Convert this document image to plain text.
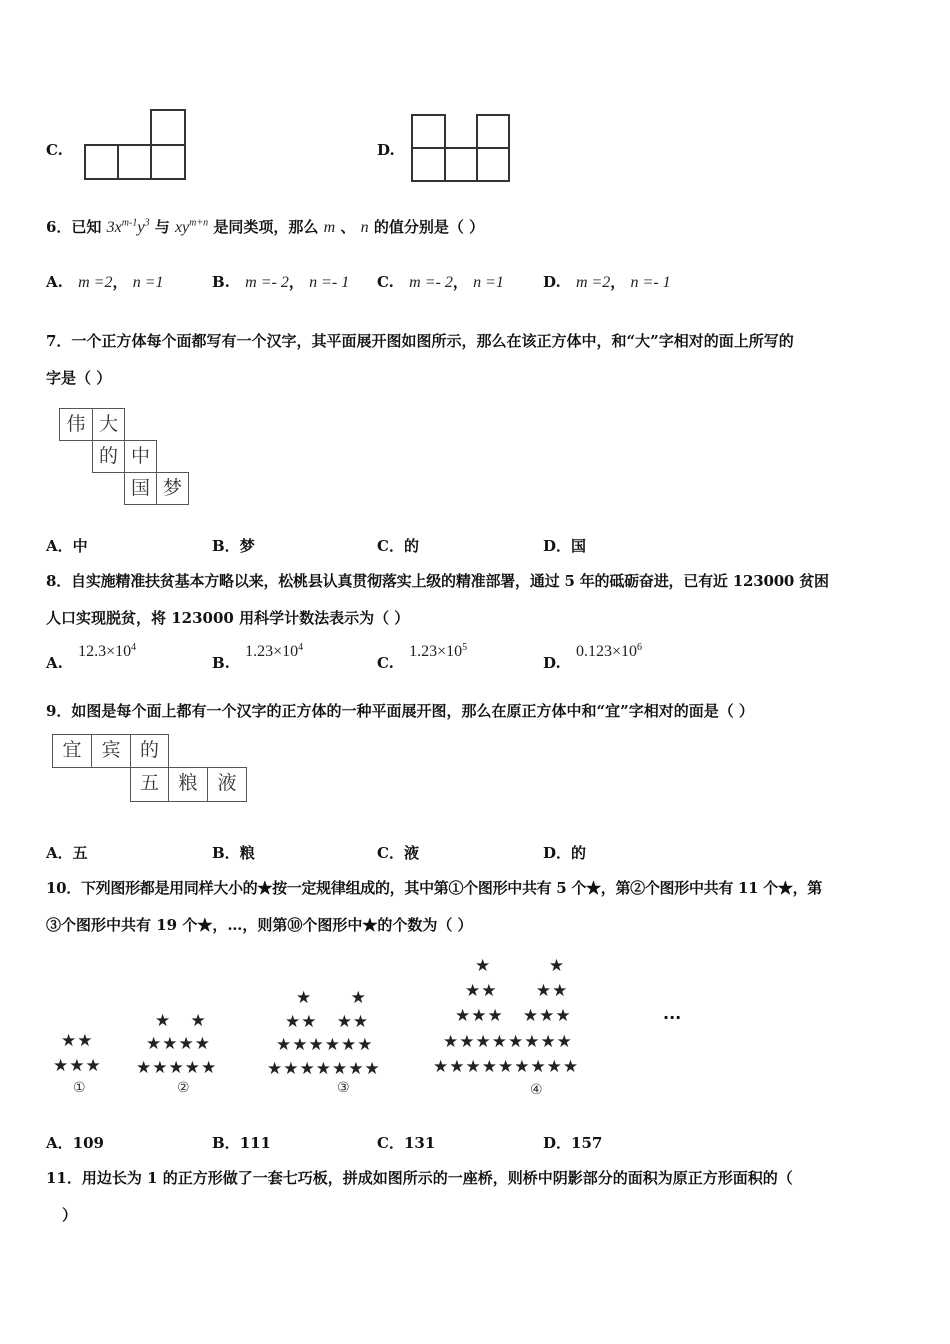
C.	D.
6．已知 $3x^{m-1}y^3$ 与 $xy^{m+n}$ 是同类项，那么 m 、 n 的值分别是（ ）
A. m =2， n =1	B. m =- 2， n =- 1 C. m =- 2， n =1	D. m =2， n =- 1
7．一个正方体每个面都写有一个汉字，其平面展开图如图所示，那么在该正方体中，和“大”字相对的面上所写的
字是（ ）
伟 大
的 中
国 梦
A．中	B．梦	C．的	D．国
8．自实施精准扶贫基本方略以来，松桃县认真贯彻落实上级的精准部署，通过 5 年的砥砺奋进，已有近 123000 贫困
人口实现脱贫，将 123000 用科学计数法表示为（ ）
A. $12.3\times 10^4$
B. $1.23\times 10^4$
C. $1.23\times 10^5$
D. $0.123\times 10^6$
9．如图是每个面上都有一个汉字的正方体的一种平面展开图，那么在原正方体中和“宜”字相对的面是（ ）
宜	宾	的
五	粮	液
A．五	B．粮	C．液	D．的
10．下列图形都是用同样大小的★按一定规律组成的，其中第①个图形中共有 5 个★，第②个图形中共有 11 个★，第
③个图形中共有 19 个★，…，则第⑩个图形中★的个数为（ ）
★★
★★★
①
★   ★
★★★★
★★★★★
②
★      ★
★★   ★★
★★★★★★
★★★★★★★
③
★         ★
★★      ★★
★★★   ★★★
★★★★★★★★
★★★★★★★★★
④
···
A．109	B．111	C．131	D．157
11．用边长为 1 的正方形做了一套七巧板，拼成如图所示的一座桥，则桥中阴影部分的面积为原正方形面积的（
）
